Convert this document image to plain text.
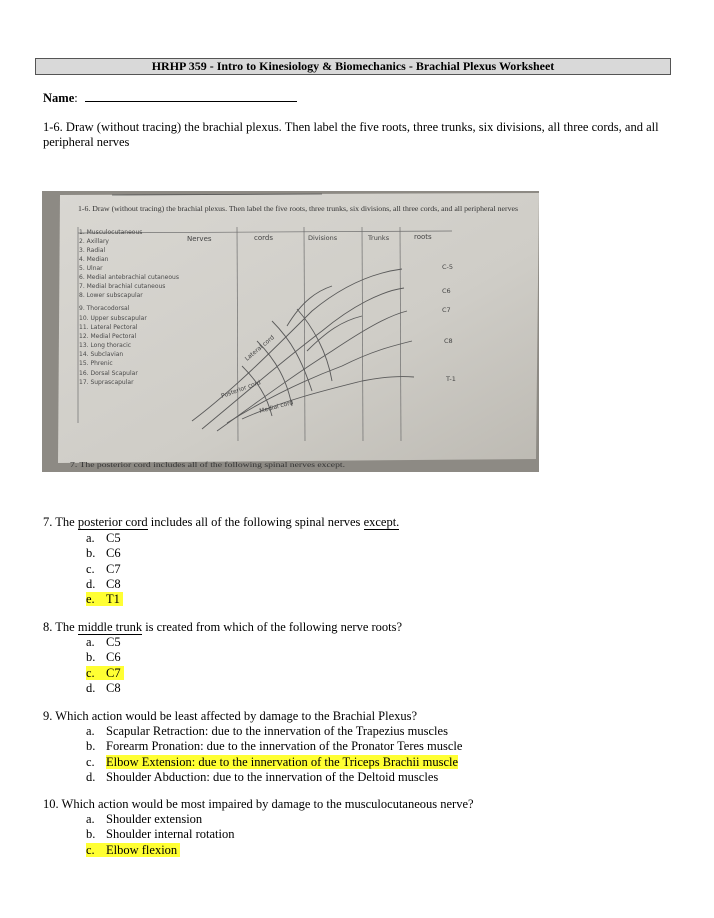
HRHP 359 - Intro to Kinesiology & Biomechanics - Brachial Plexus Worksheet
Name:
1-6. Draw (without tracing) the brachial plexus. Then label the five roots, three trunks, six divisions, all three cords, and all peripheral nerves
1-6. Draw (without tracing) the brachial plexus. Then label the five roots, three trunks, six divisions, all three cords, and all peripheral nerves
Nerves	cords	Divisions	Trunks	roots
1. Musculocutaneous
2. Axillary
3. Radial
4. Median
5. Ulnar
6. Medial antebrachial cutaneous
7. Medial brachial cutaneous
8. Lower subscapular
9. Thoracodorsal
10. Upper subscapular
11. Lateral Pectoral
12. Medial Pectoral
13. Long thoracic
14. Subclavian
15. Phrenic
16. Dorsal Scapular
17. Suprascapular
C-5
C6
C7
C8
T-1
Lateral cord
Posterior cord
Medial cord
7. The posterior cord includes all of the following spinal nerves except.
7. The posterior cord includes all of the following spinal nerves except.
a. C5
b. C6
c. C7
d. C8
e. T1
8. The middle trunk is created from which of the following nerve roots?
a. C5
b. C6
c. C7
d. C8
9. Which action would be least affected by damage to the Brachial Plexus?
a. Scapular Retraction: due to the innervation of the Trapezius muscles
b. Forearm Pronation: due to the innervation of the Pronator Teres muscle
c. Elbow Extension: due to the innervation of the Triceps Brachii muscle
d. Shoulder Abduction: due to the innervation of the Deltoid muscles
10. Which action would be most impaired by damage to the musculocutaneous nerve?
a. Shoulder extension
b. Shoulder internal rotation
c. Elbow flexion
